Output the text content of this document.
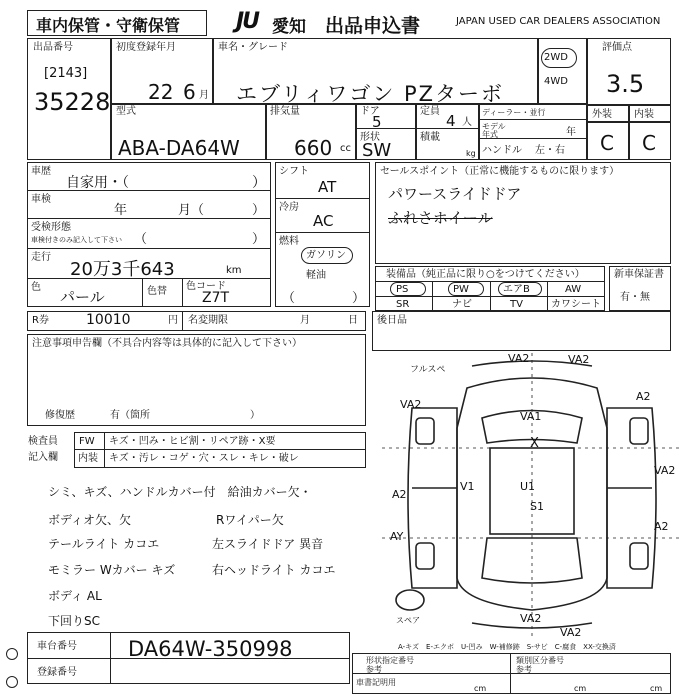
車内保管・守衛保管	JU 愛知 出品申込書	JAPAN USED CAR DEALERS ASSOCIATION
出品番号
[2143]
35228
初度登録年月
22 6 月
車名・グレード
エブリィワゴン PZターボ
2WD
4WD
評価点
3.5
外装 内装
C C
型式
ABA-DA64W
排気量
660 cc
ドア
5
定員
4 人
ディーラー・並行
モデル
年式	年
ハンドル 左・右
形状
SW
積載
kg
車歴
自家用・（	）
車検
年	月（	）
受検形態
車検付きのみ記入して下さい （	）
走行
20万3千643	km
色
パール	色替 色コード
Z7T
シフト
AT
冷房
AC
燃料
ガソリン
軽油
（	）
セールスポイント（正常に機能するものに限ります）
パワースライドドア
ふれさホイール
装備品（純正品に限り○をつけてください）
PS	PW	エアB	AW
SR	ナビ	TV	カワシート
新車保証書
有・無
R券	10010	円 名変期限	月	日 後日品
注意事項申告欄（不具合内容等は具体的に記入して下さい）
修復歴	有（箇所	）
検査員
記入欄
FW キズ・凹み・ヒビ割・リペア跡・X要
内装 キズ・汚レ・コゲ・穴・スレ・キレ・破レ
シミ、キズ、ハンドルカバー付　給油カバー欠・
ボディオ欠、欠	Rワイパー欠
テールライト カコエ	左スライドドア 異音
モミラー Wカバー キズ	右ヘッドライト カコエ
ボディ AL
下回りSC
車台番号 DA64W-350998
登録番号
VA2	VA2
VA2
VA1
A2
X
V1
A2
U1
VA2
A2
AY
VA2
VA2
S1
フルスペ
スペア
A-キズ　E-エクボ　U-凹み　W-補修跡　S-サビ　C-腐食　XX-交換済
形状指定番号
参考
類別区分番号
参考
車書記明用
cm	cm	cm
